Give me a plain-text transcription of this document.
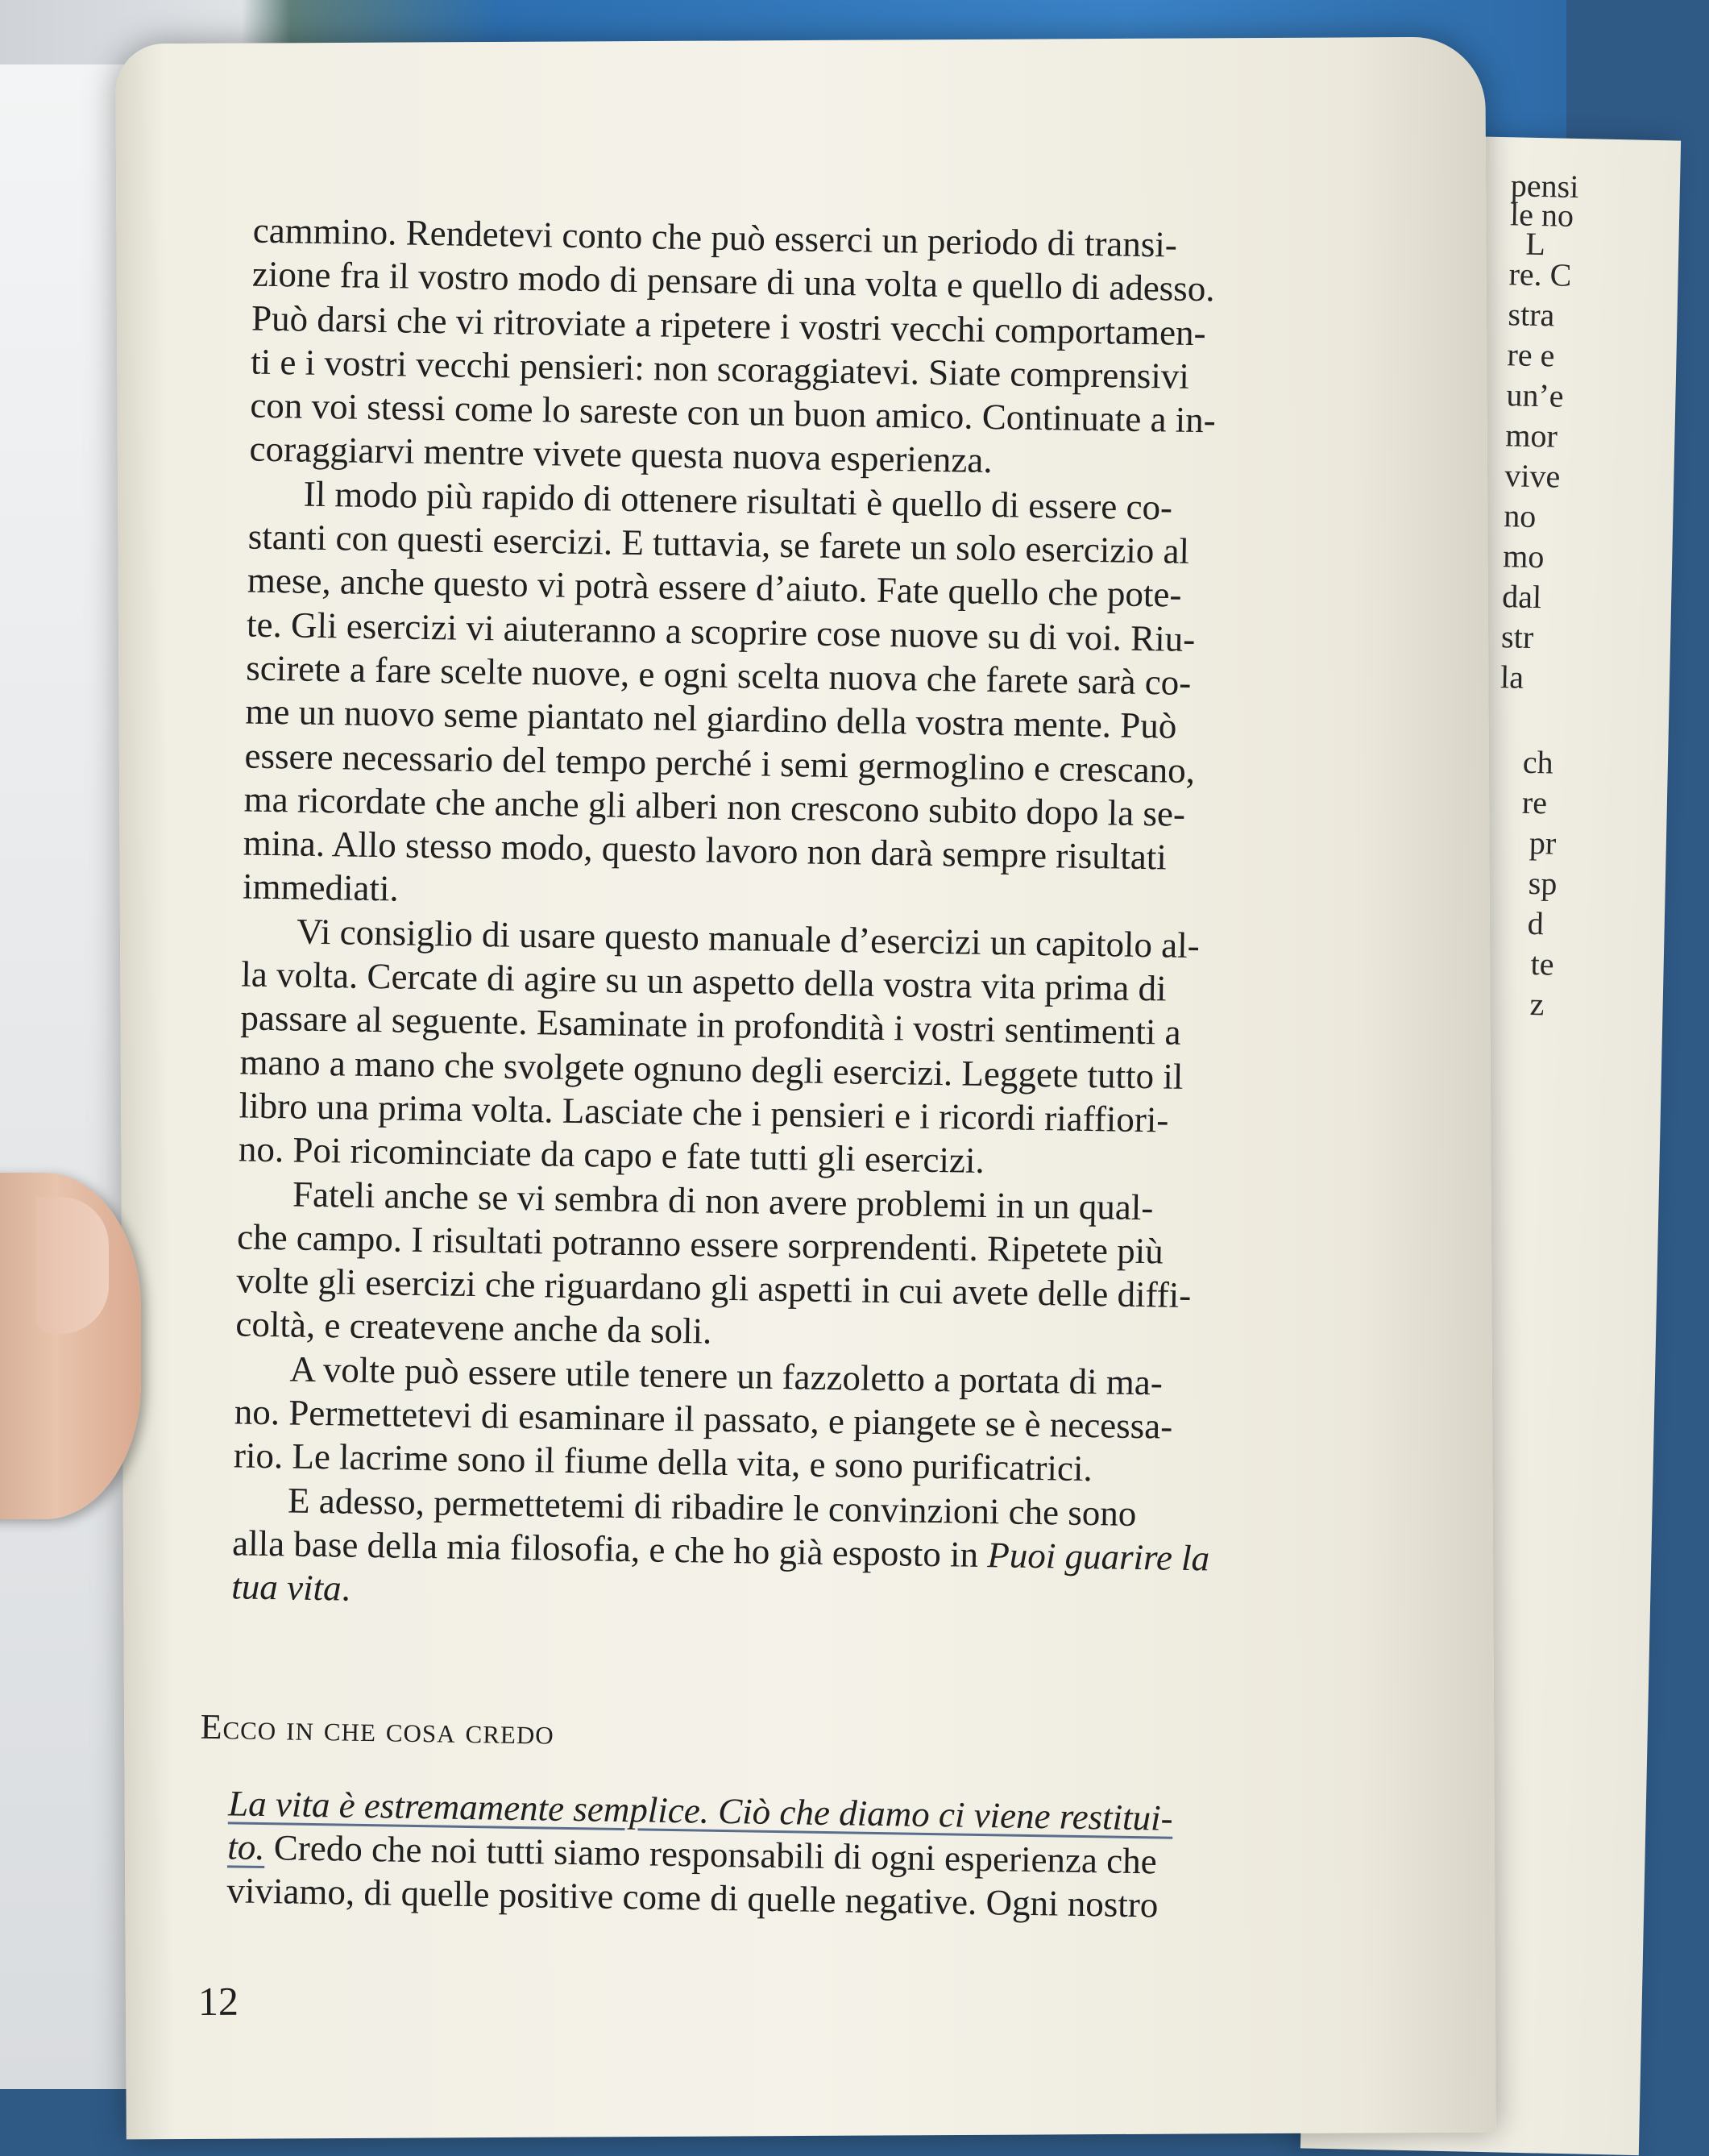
pensi
le no
L
re. C
stra
re e
un’e
mor
vive
no
mo
dal
str
la
ch
re
pr
sp
d
te
z

cammino. Rendetevi conto che può esserci un periodo di transi-
zione fra il vostro modo di pensare di una volta e quello di adesso.
Può darsi che vi ritroviate a ripetere i vostri vecchi comportamen-
ti e i vostri vecchi pensieri: non scoraggiatevi. Siate comprensivi
con voi stessi come lo sareste con un buon amico. Continuate a in-
coraggiarvi mentre vivete questa nuova esperienza.

Il modo più rapido di ottenere risultati è quello di essere co-
stanti con questi esercizi. E tuttavia, se farete un solo esercizio al
mese, anche questo vi potrà essere d’aiuto. Fate quello che pote-
te. Gli esercizi vi aiuteranno a scoprire cose nuove su di voi. Riu-
scirete a fare scelte nuove, e ogni scelta nuova che farete sarà co-
me un nuovo seme piantato nel giardino della vostra mente. Può
essere necessario del tempo perché i semi germoglino e crescano,
ma ricordate che anche gli alberi non crescono subito dopo la se-
mina. Allo stesso modo, questo lavoro non darà sempre risultati
immediati.

Vi consiglio di usare questo manuale d’esercizi un capitolo al-
la volta. Cercate di agire su un aspetto della vostra vita prima di
passare al seguente. Esaminate in profondità i vostri sentimenti a
mano a mano che svolgete ognuno degli esercizi. Leggete tutto il
libro una prima volta. Lasciate che i pensieri e i ricordi riaffiori-
no. Poi ricominciate da capo e fate tutti gli esercizi.

Fateli anche se vi sembra di non avere problemi in un qual-
che campo. I risultati potranno essere sorprendenti. Ripetete più
volte gli esercizi che riguardano gli aspetti in cui avete delle diffi-
coltà, e createvene anche da soli.

A volte può essere utile tenere un fazzoletto a portata di ma-
no. Permettetevi di esaminare il passato, e piangete se è necessa-
rio. Le lacrime sono il fiume della vita, e sono purificatrici.

E adesso, permettetemi di ribadire le convinzioni che sono
alla base della mia filosofia, e che ho già esposto in Puoi guarire la
tua vita.

Ecco in che cosa credo

La vita è estremamente semplice. Ciò che diamo ci viene restitui-
to. Credo che noi tutti siamo responsabili di ogni esperienza che
viviamo, di quelle positive come di quelle negative. Ogni nostro

12
